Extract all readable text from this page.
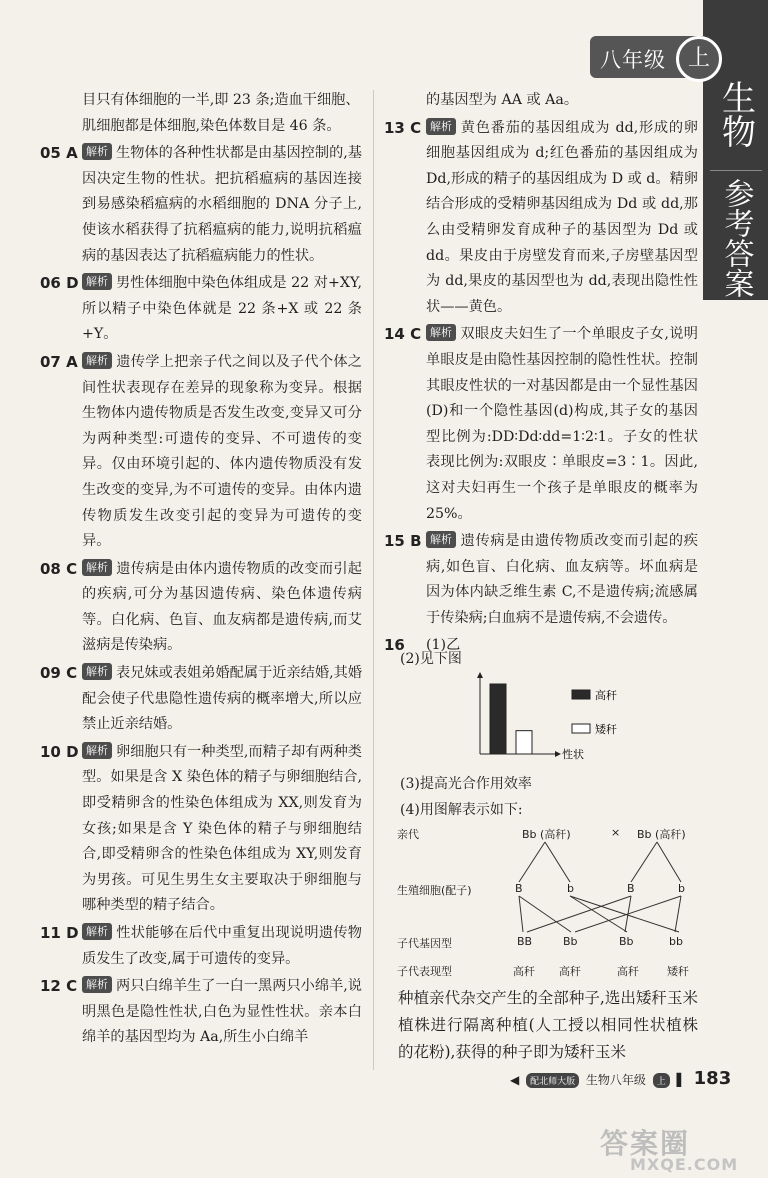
八年级 上
生物
参考答案
目只有体细胞的一半,即 23 条;造血干细胞、肌细胞都是体细胞,染色体数目是 46 条。
05 A 解析 生物体的各种性状都是由基因控制的,基因决定生物的性状。把抗稻瘟病的基因连接到易感染稻瘟病的水稻细胞的 DNA 分子上,使该水稻获得了抗稻瘟病的能力,说明抗稻瘟病的基因表达了抗稻瘟病能力的性状。
06 D 解析 男性体细胞中染色体组成是 22 对+XY,所以精子中染色体就是 22 条+X 或 22 条+Y。
07 A 解析 遗传学上把亲子代之间以及子代个体之间性状表现存在差异的现象称为变异。根据生物体内遗传物质是否发生改变,变异又可分为两种类型:可遗传的变异、不可遗传的变异。仅由环境引起的、体内遗传物质没有发生改变的变异,为不可遗传的变异。由体内遗传物质发生改变引起的变异为可遗传的变异。
08 C 解析 遗传病是由体内遗传物质的改变而引起的疾病,可分为基因遗传病、染色体遗传病等。白化病、色盲、血友病都是遗传病,而艾滋病是传染病。
09 C 解析 表兄妹或表姐弟婚配属于近亲结婚,其婚配会使子代患隐性遗传病的概率增大,所以应禁止近亲结婚。
10 D 解析 卵细胞只有一种类型,而精子却有两种类型。如果是含 X 染色体的精子与卵细胞结合,即受精卵含的性染色体组成为 XX,则发育为女孩;如果是含 Y 染色体的精子与卵细胞结合,即受精卵含的性染色体组成为 XY,则发育为男孩。可见生男生女主要取决于卵细胞与哪种类型的精子结合。
11 D 解析 性状能够在后代中重复出现说明遗传物质发生了改变,属于可遗传的变异。
12 C 解析 两只白绵羊生了一白一黑两只小绵羊,说明黑色是隐性性状,白色为显性性状。亲本白绵羊的基因型均为 Aa,所生小白绵羊
的基因型为 AA 或 Aa。
13 C 解析 黄色番茄的基因组成为 dd,形成的卵细胞基因组成为 d;红色番茄的基因组成为 Dd,形成的精子的基因组成为 D 或 d。精卵结合形成的受精卵基因组成为 Dd 或 dd,那么由受精卵发育成种子的基因型为 Dd 或 dd。果皮由于房壁发育而来,子房壁基因型为 dd,果皮的基因型也为 dd,表现出隐性性状——黄色。
14 C 解析 双眼皮夫妇生了一个单眼皮子女,说明单眼皮是由隐性基因控制的隐性性状。控制其眼皮性状的一对基因都是由一个显性基因(D)和一个隐性基因(d)构成,其子女的基因型比例为:DD∶Dd∶dd=1∶2∶1。子女的性状表现比例为:双眼皮∶单眼皮=3∶1。因此,这对夫妇再生一个孩子是单眼皮的概率为 25%。
15 B 解析 遗传病是由遗传物质改变而引起的疾病,如色盲、白化病、血友病等。坏血病是因为体内缺乏维生素 C,不是遗传病;流感属于传染病;白血病不是遗传病,不会遗传。
16 (1)乙
(2)见下图
性状
高秆
矮秆
(3)提高光合作用效率
(4)用图解表示如下:
亲代	Bb (高秆)	× Bb (高秆)
生殖细胞(配子)	B	b	B	b
子代基因型	BB	Bb	Bb	bb
子代表现型	高秆 高秆	高秆	矮秆
种植亲代杂交产生的全部种子,选出矮秆玉米植株进行隔离种植(人工授以相同性状植株的花粉),获得的种子即为矮秆玉米
◀ 配北师大版 生物八年级 上 ▌ 183
答案圈
MXQE.COM
